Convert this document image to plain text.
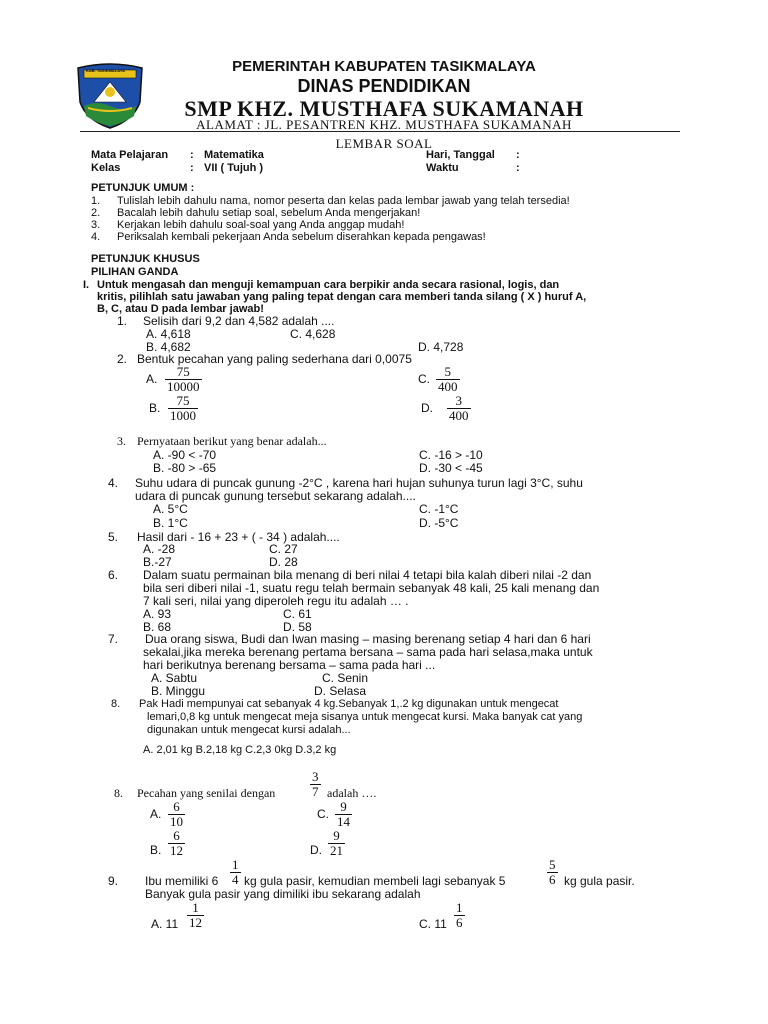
KAB. TASIKMALAYA	PEMERINTAH KABUPATEN TASIKMALAYA
DINAS PENDIDIKAN
SMP KHZ. MUSTHAFA SUKAMANAH
ALAMAT : JL. PESANTREN KHZ. MUSTHAFA SUKAMANAH
LEMBAR SOAL
Mata Pelajaran : Matematika
Kelas	: VII ( Tujuh )
Hari, Tanggal :
Waktu	:
PETUNJUK UMUM :
1. Tulislah lebih dahulu nama, nomor peserta dan kelas pada lembar jawab yang telah tersedia!
2. Bacalah lebih dahulu setiap soal, sebelum Anda mengerjakan!
3. Kerjakan lebih dahulu soal-soal yang Anda anggap mudah!
4. Periksalah kembali pekerjaan Anda sebelum diserahkan kepada pengawas!
PETUNJUK KHUSUS
PILIHAN GANDA
I. Untuk mengasah dan menguji kemampuan cara berpikir anda secara rasional, logis, dan
kritis, pilihlah satu jawaban yang paling tepat dengan cara memberi tanda silang ( X ) huruf A,
B, C, atau D pada lembar jawab!
1. Selisih dari 9,2 dan 4,582 adalah ....
A. 4,618	C. 4,628
B. 4,682	D. 4,728
2. Bentuk pecahan yang paling sederhana dari 0,0075
A. $\frac{75}{10000}$	C. $\frac{5}{400}$
B. $\frac{75}{1000}$	D. $\frac{3}{400}$
3. Pernyataan berikut yang benar adalah...
A. -90 < -70	C. -16 > -10
B. -80 > -65	D. -30 < -45
4. Suhu udara di puncak gunung -2°C , karena hari hujan suhunya turun lagi 3°C, suhu
udara di puncak gunung tersebut sekarang adalah....
A. 5°C	C. -1°C
B. 1°C	D. -5°C
5. Hasil dari - 16 + 23 + ( - 34 ) adalah....
A. -28	C. 27
B.-27	D. 28
6. Dalam suatu permainan bila menang di beri nilai 4 tetapi bila kalah diberi nilai -2 dan
bila seri diberi nilai -1, suatu regu telah bermain sebanyak 48 kali, 25 kali menang dan
7 kali seri, nilai yang diperoleh regu itu adalah … .
A. 93	C. 61
B. 68	D. 58
7. Dua orang siswa, Budi dan Iwan masing – masing berenang setiap 4 hari dan 6 hari
sekalai,jika mereka berenang pertama bersana – sama pada hari selasa,maka untuk
hari berikutnya berenang bersama – sama pada hari ...
A. Sabtu	C. Senin
B. Minggu	D. Selasa
8. Pak Hadi mempunyai cat sebanyak 4 kg.Sebanyak 1,.2 kg digunakan untuk mengecat
lemari,0,8 kg untuk mengecat meja sisanya untuk mengecat kursi. Maka banyak cat yang
digunakan untuk mengecat kursi adalah...
A. 2,01 kg B.2,18 kg C.2,3 0kg D.3,2 kg
8. Pecahan yang senilai dengan	$\frac{3}{7}$ adalah ….
A. $\frac{6}{10}$	C. $\frac{9}{14}$
B. $\frac{6}{12}$	D. $\frac{9}{21}$
9. Ibu memiliki $6 \frac{1}{4}$ kg gula pasir, kemudian membeli lagi sebanyak 5	$\frac{5}{6}$ kg gula pasir.
Banyak gula pasir yang dimiliki ibu sekarang adalah
A. $11 \frac{1}{12}$	C. $11 \frac{1}{6}$
